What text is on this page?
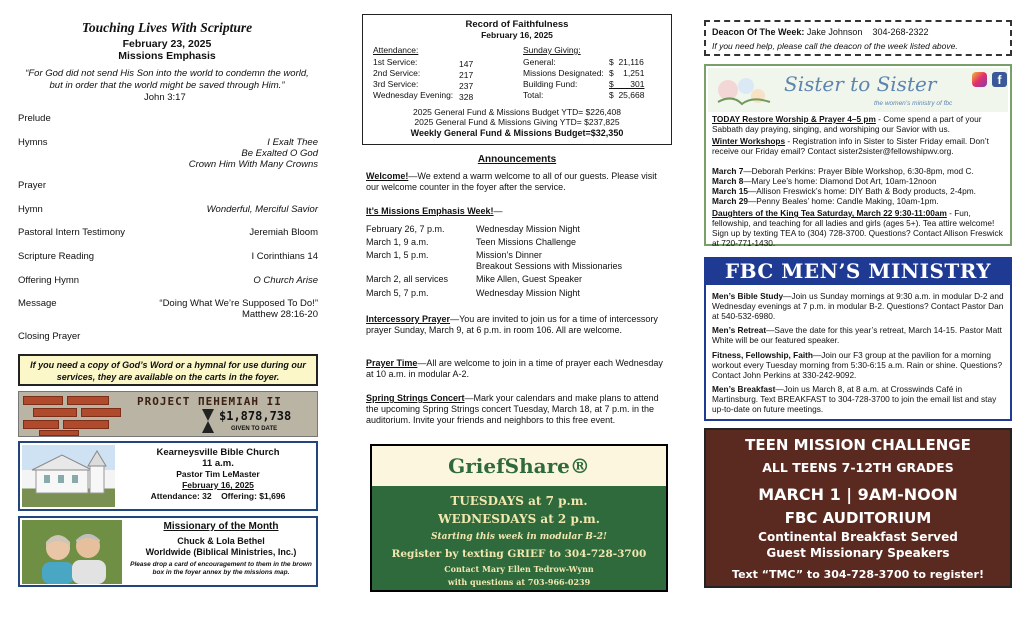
Touching Lives With Scripture
February 23, 2025
Missions Emphasis
“For God did not send His Son into the world to condemn the world, but in order that the world might be saved through Him.”
John 3:17
Prelude
Hymns	I Exalt Thee
Be Exalted O God
Crown Him With Many Crowns
Prayer
Hymn	Wonderful, Merciful Savior
Pastoral Intern Testimony	Jeremiah Bloom
Scripture Reading	I Corinthians 14
Offering Hymn	O Church Arise
Message	“Doing What We’re Supposed To Do!”
Matthew 28:16-20
Closing Prayer
If you need a copy of God’s Word or a hymnal for use during our services, they are available on the carts in the foyer.
PROJECT ΠEHEMIAH II
$1,878,738
GIVEN TO DATE
Kearneysville Bible Church
11 a.m.
Pastor Tim LeMaster
February 16, 2025
Attendance: 32 Offering: $1,696
Missionary of the Month
Chuck & Lola Bethel
Worldwide (Biblical Ministries, Inc.)
Please drop a card of encouragement to them in the brown box in the foyer annex by the missions map.
Record of Faithfulness
February 16, 2025
Attendance:
1st Service:	147
2nd Service:	217
3rd Service:	237
Wednesday Evening: 328
Sunday Giving:
General:	$  21,116
Missions Designated: $    1,251
Building Fund:	$       301
Total:	$  25,668
2025 General Fund & Missions Budget YTD= $226,408
2025 General Fund & Missions Giving YTD= $237,825
Weekly General Fund & Missions Budget=$32,350
Announcements
Welcome!—We extend a warm welcome to all of our guests. Please visit our welcome counter in the foyer after the service.
It’s Missions Emphasis Week!—
February 26, 7 p.m.	Wednesday Mission Night
March 1, 9 a.m.	Teen Missions Challenge
March 1, 5 p.m.	Mission’s Dinner
Breakout Sessions with Missionaries
March 2, all services	Mike Allen, Guest Speaker
March 5, 7 p.m.	Wednesday Mission Night
Intercessory Prayer—You are invited to join us for a time of intercessory prayer Sunday, March 9, at 6 p.m. in room 106. All are welcome.
Prayer Time—All are welcome to join in a time of prayer each Wednesday at 10 a.m. in modular A-2.
Spring Strings Concert—Mark your calendars and make plans to attend the upcoming Spring Strings concert Tuesday, March 18, at 7 p.m. in the auditorium. Invite your friends and neighbors to this free event.
GriefShare®
TUESDAYS at 7 p.m.
WEDNESDAYS at 2 p.m.
Starting this week in modular B-2!
Register by texting GRIEF to 304-728-3700
Contact Mary Ellen Tedrow-Wynn
with questions at 703-966-0239
Deacon Of The Week: Jake Johnson 304-268-2322
If you need help, please call the deacon of the week listed above.
Sister to Sister
the women’s ministry of fbc
f
TODAY Restore Worship & Prayer 4–5 pm - Come spend a part of your Sabbath day praying, singing, and worshiping our Savior with us.
Winter Workshops - Registration info in Sister to Sister Friday email. Don’t receive our Friday email? Contact sister2sister@fellowshipwv.org.
March 7—Deborah Perkins: Prayer Bible Workshop, 6:30-8pm, mod C.
March 8—Mary Lee’s home: Diamond Dot Art, 10am-12noon
March 15—Allison Freswick’s home: DIY Bath & Body products, 2-4pm.
March 29—Penny Beales’ home: Candle Making, 10am-1pm.
Daughters of the King Tea Saturday, March 22 9:30-11:00am - Fun, fellowship, and teaching for all ladies and girls (ages 5+). Tea attire welcome! Sign up by texting TEA to (304) 728-3700. Questions? Contact Allison Freswick at 720-771-1430.
FBC MEN’S MINISTRY
Men’s Bible Study—Join us Sunday mornings at 9:30 a.m. in modular D-2 and Wednesday evenings at 7 p.m. in modular B-2. Questions? Contact Pastor Dan at 540-532-6980.
Men’s Retreat—Save the date for this year’s retreat, March 14-15. Pastor Matt White will be our featured speaker.
Fitness, Fellowship, Faith—Join our F3 group at the pavilion for a morning workout every Tuesday morning from 5:30-6:15 a.m. Rain or shine. Questions? Contact John Perkins at 330-242-9092.
Men’s Breakfast—Join us March 8, at 8 a.m. at Crosswinds Café in Martinsburg. Text BREAKFAST to 304-728-3700 to join the email list and stay up-to-date on future meetings.
TEEN MISSION CHALLENGE
ALL TEENS 7-12TH GRADES
MARCH 1 | 9AM-NOON
FBC AUDITORIUM
Continental Breakfast Served
Guest Missionary Speakers
Text “TMC” to 304-728-3700 to register!
